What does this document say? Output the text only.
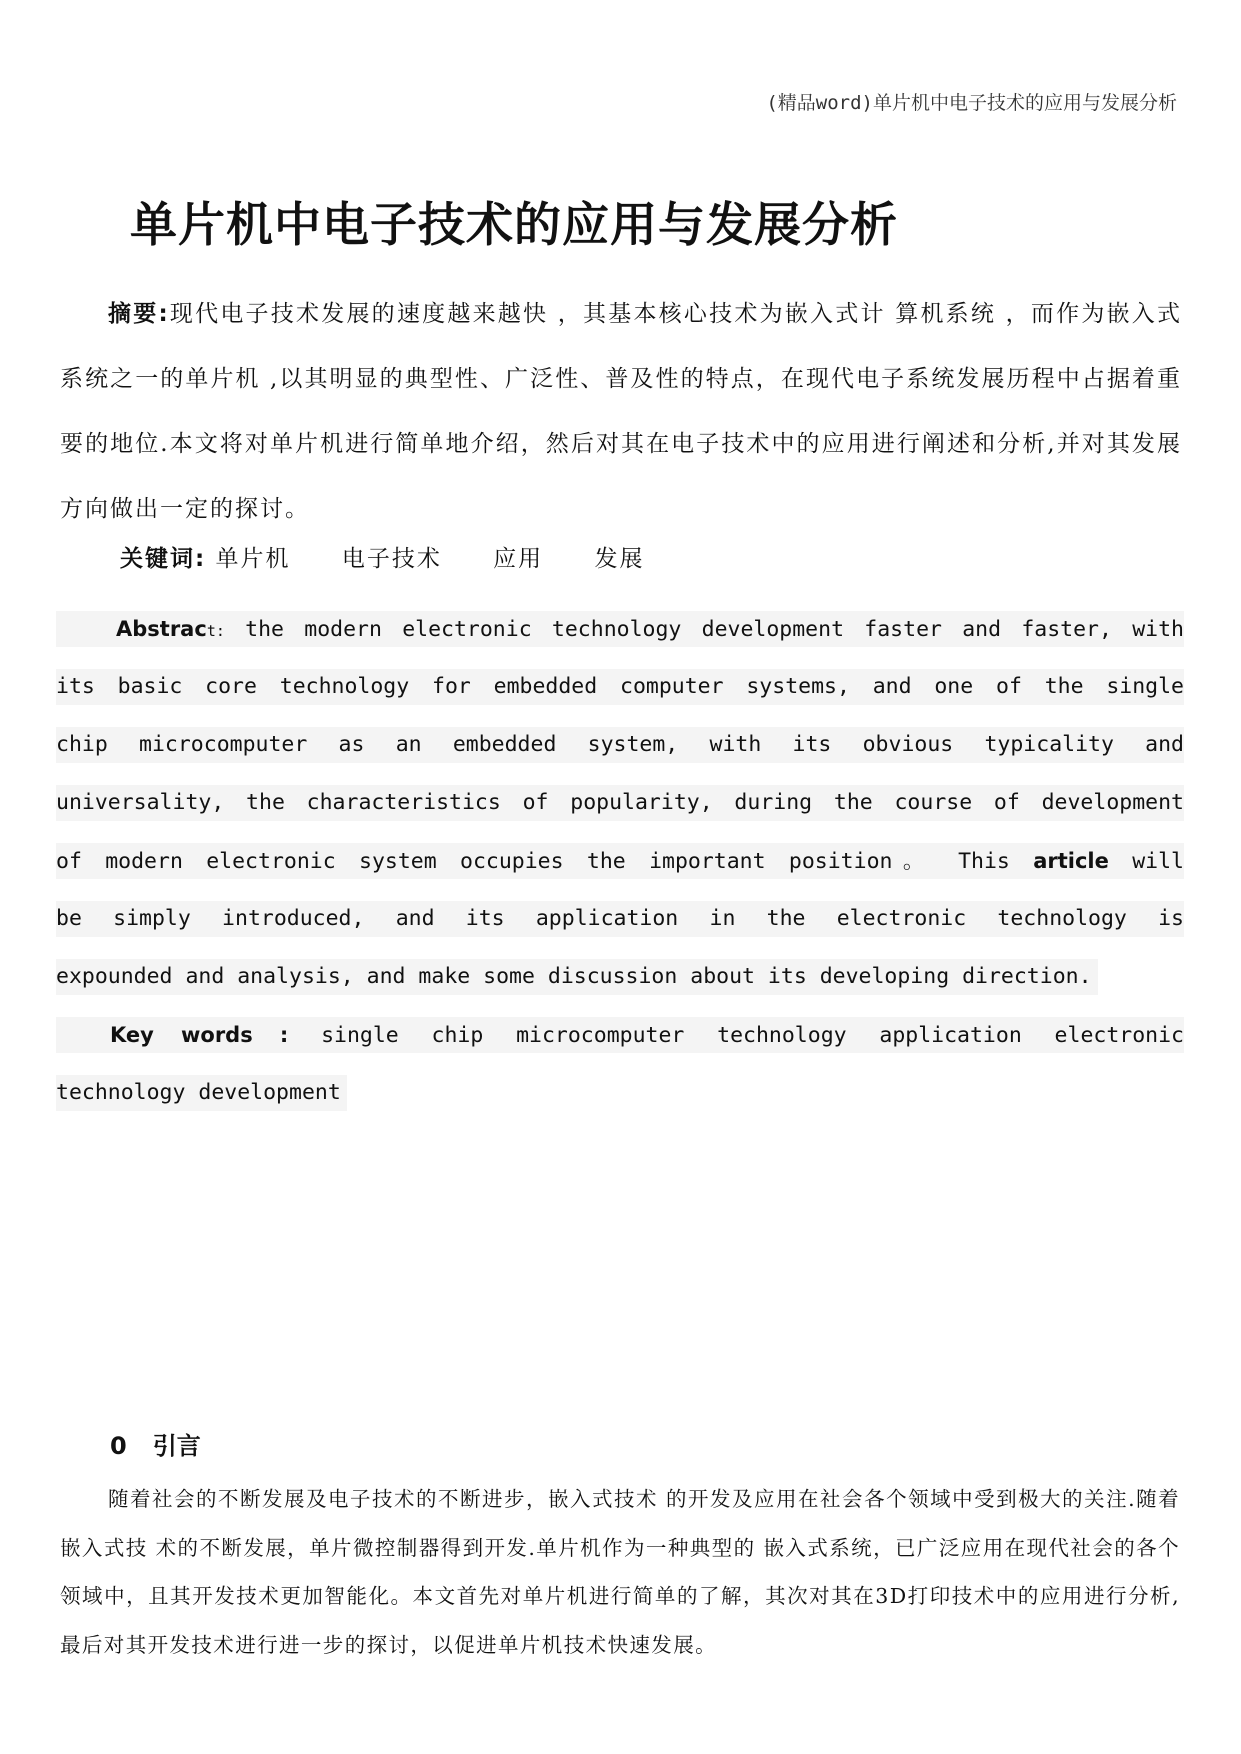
(精品word)单片机中电子技术的应用与发展分析
单片机中电子技术的应用与发展分析

摘要:现代电子技术发展的速度越来越快 ，其基本核心技术为嵌入式计 算机系统 ，而作为嵌入式系统之一的单片机 ,以其明显的典型性、广泛性、普及性的特点，在现代电子系统发展历程中占据着重要的地位.本文将对单片机进行简单地介绍，然后对其在电子技术中的应用进行阐述和分析,并对其发展方向做出一定的探讨。

关键词: 单片机 电子技术 应用 发展
Abstract: the modern electronic technology development faster and faster, with
its basic core technology for embedded computer systems, and one of the single
chip microcomputer as an embedded system, with its obvious typicality and
universality, the characteristics of popularity, during the course of development
of modern electronic system occupies the important position。 This article will
be simply introduced, and its application in the electronic technology is
expounded and analysis, and make some discussion about its developing direction.
Key words : single chip microcomputer technology application electronic
technology development
0 引言

随着社会的不断发展及电子技术的不断进步，嵌入式技术 的开发及应用在社会各个领域中受到极大的关注.随着嵌入式技 术的不断发展，单片微控制器得到开发.单片机作为一种典型的 嵌入式系统，已广泛应用在现代社会的各个领域中，且其开发技术更加智能化。本文首先对单片机进行简单的了解，其次对其在3D打印技术中的应用进行分析,最后对其开发技术进行进一步的探讨，以促进单片机技术快速发展。
